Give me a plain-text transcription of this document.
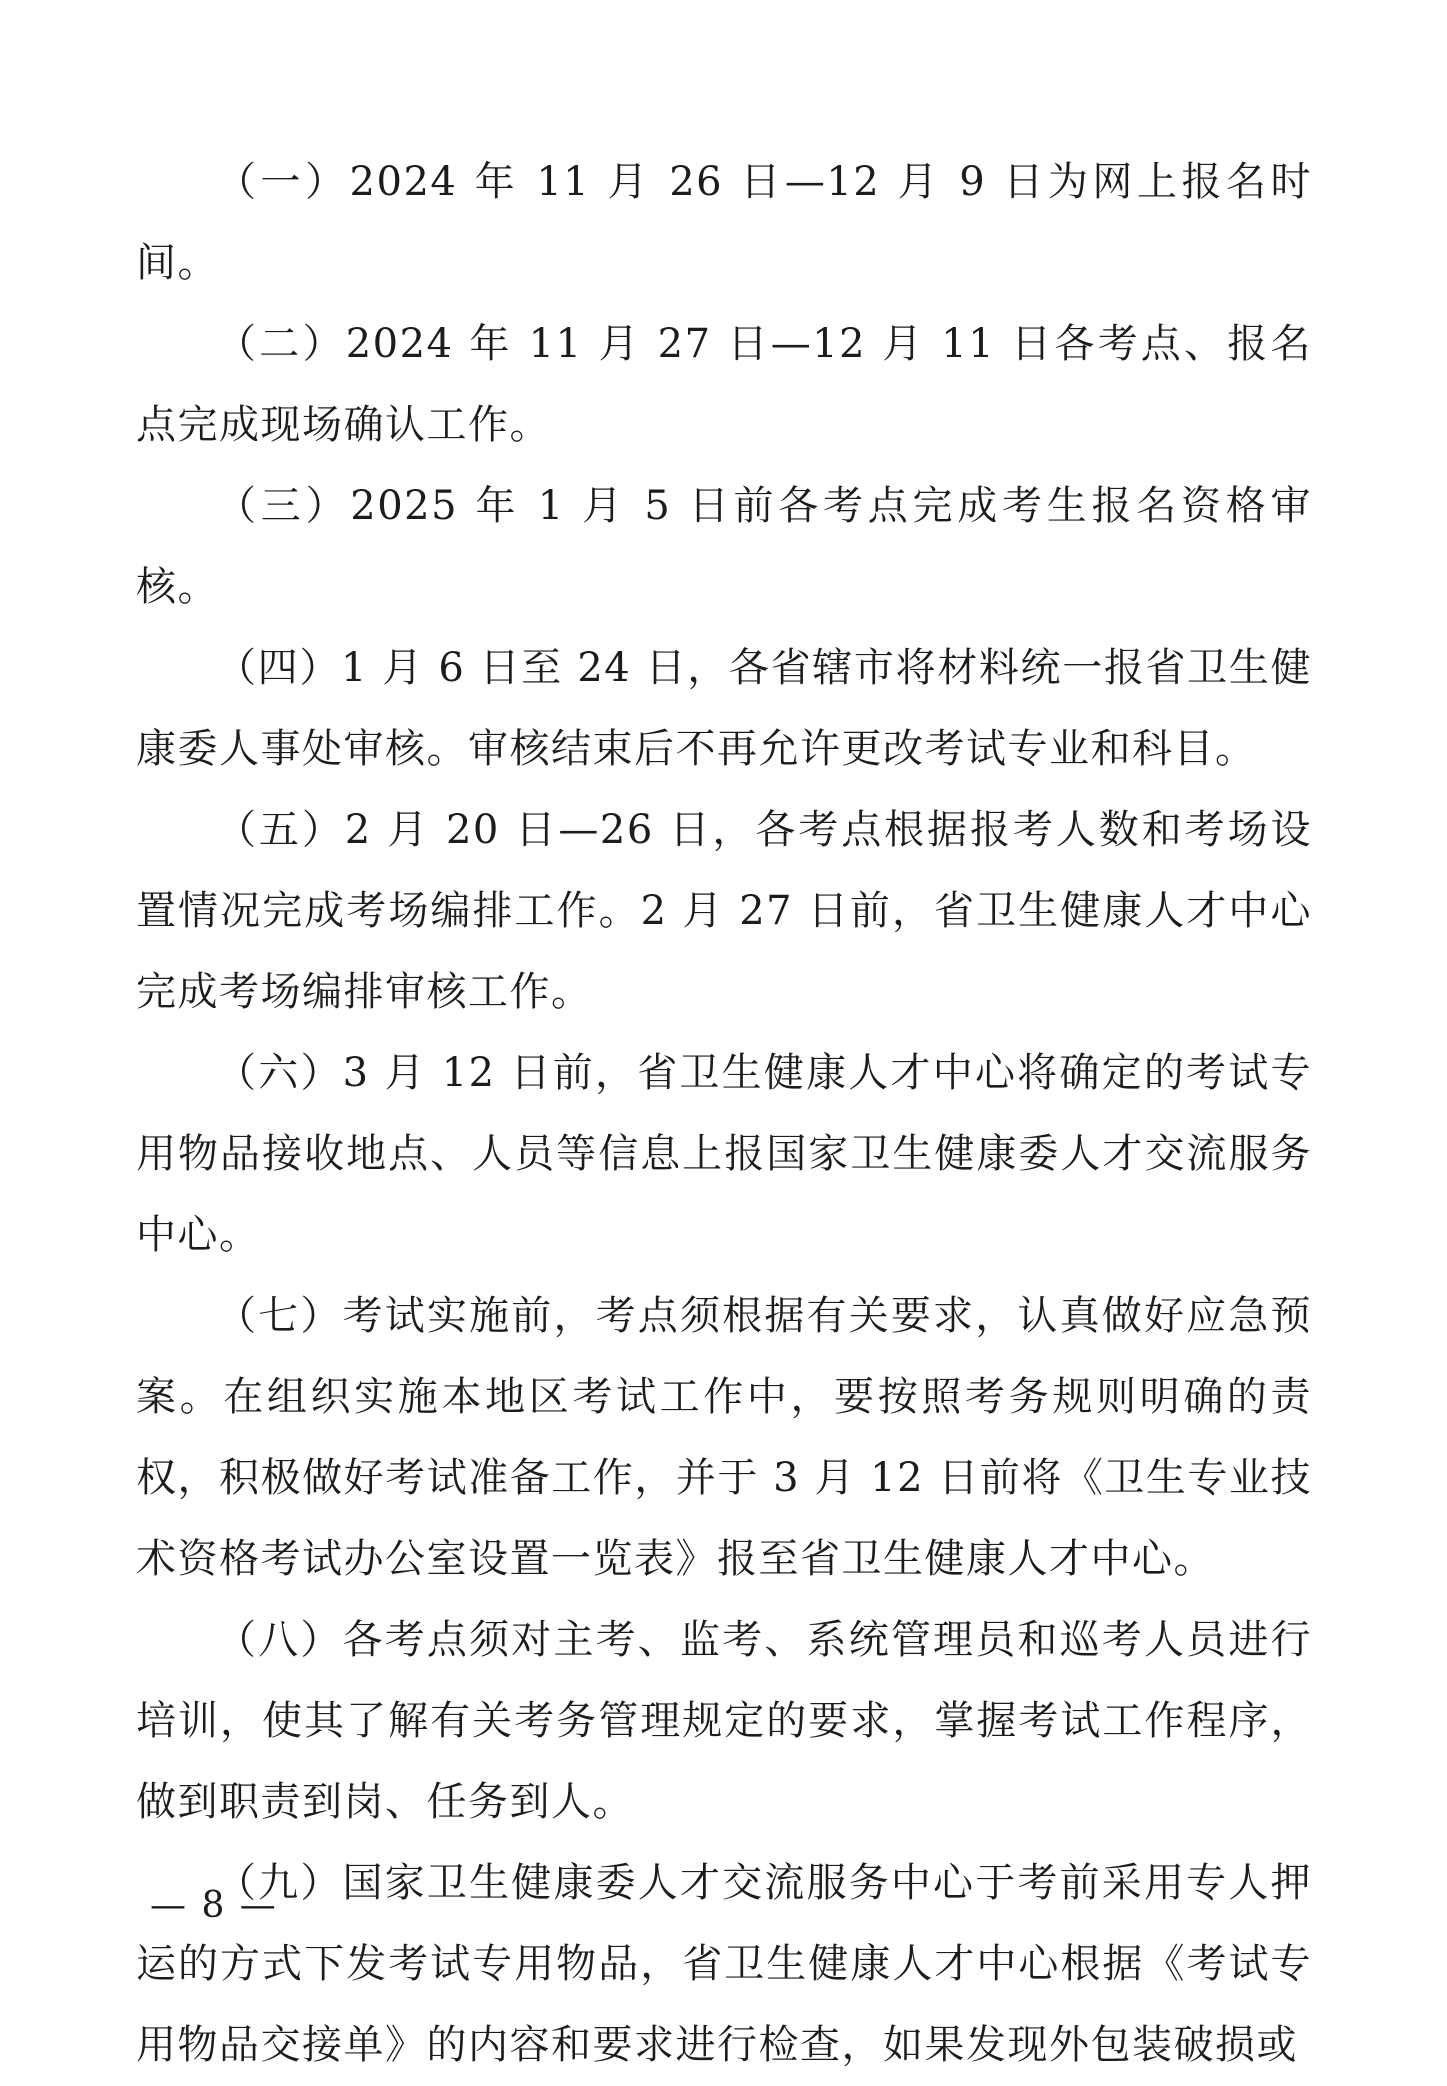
（一）2024 年 11 月 26 日—12 月 9 日为网上报名时间。

（二）2024 年 11 月 27 日—12 月 11 日各考点、报名点完成现场确认工作。

（三）2025 年 1 月 5 日前各考点完成考生报名资格审核。

（四）1 月 6 日至 24 日，各省辖市将材料统一报省卫生健康委人事处审核。审核结束后不再允许更改考试专业和科目。

（五）2 月 20 日—26 日，各考点根据报考人数和考场设置情况完成考场编排工作。2 月 27 日前，省卫生健康人才中心完成考场编排审核工作。

（六）3 月 12 日前，省卫生健康人才中心将确定的考试专用物品接收地点、人员等信息上报国家卫生健康委人才交流服务中心。

（七）考试实施前，考点须根据有关要求，认真做好应急预案。在组织实施本地区考试工作中，要按照考务规则明确的责权，积极做好考试准备工作，并于 3 月 12 日前将《卫生专业技术资格考试办公室设置一览表》报至省卫生健康人才中心。

（八）各考点须对主考、监考、系统管理员和巡考人员进行培训，使其了解有关考务管理规定的要求，掌握考试工作程序，做到职责到岗、任务到人。

（九）国家卫生健康委人才交流服务中心于考前采用专人押运的方式下发考试专用物品，省卫生健康人才中心根据《考试专用物品交接单》的内容和要求进行检查，如果发现外包装破损或

— 8 —
